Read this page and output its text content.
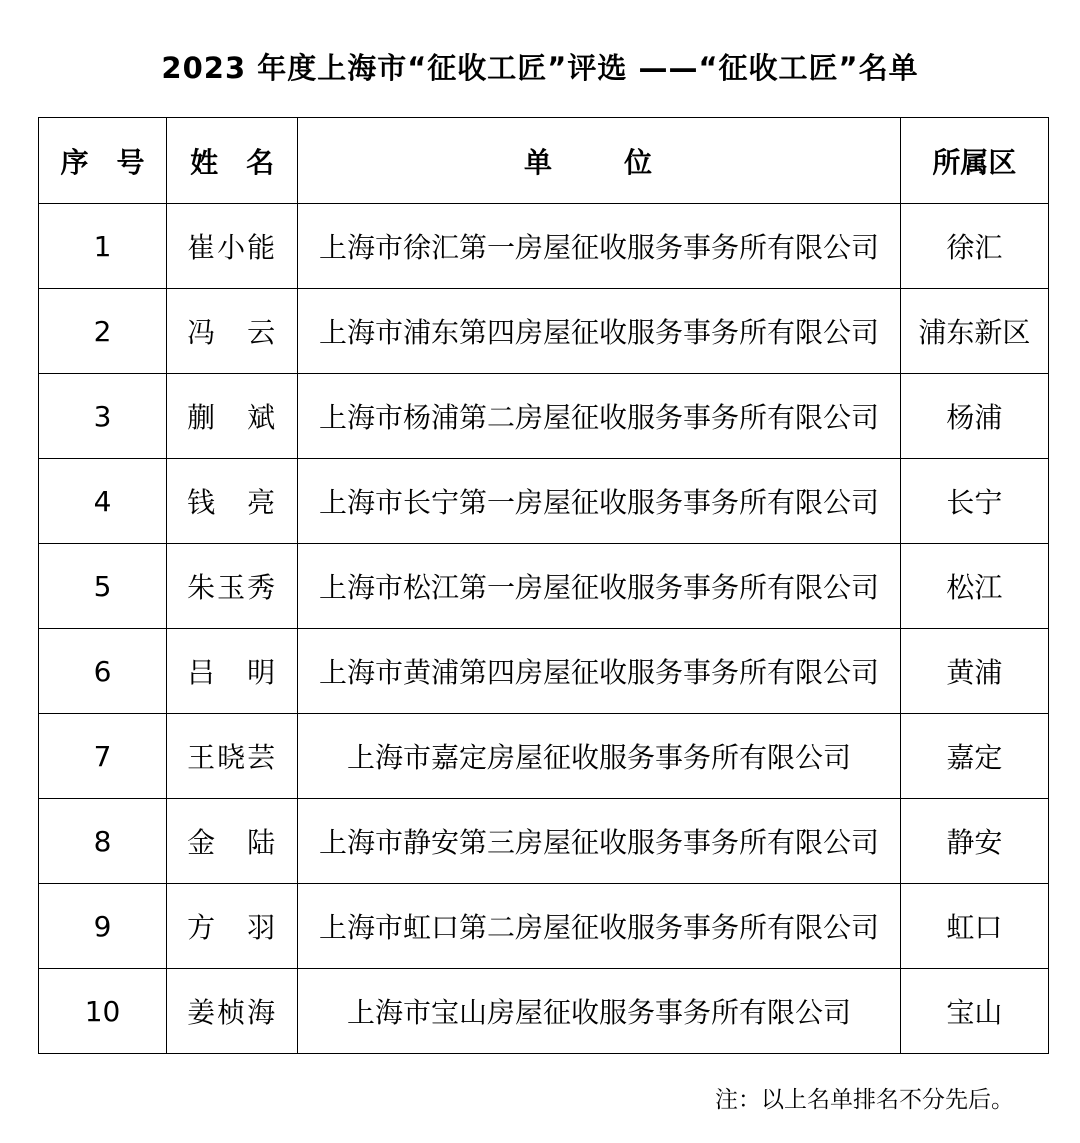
2023 年度上海市“征收工匠”评选 ——“征收工匠”名单
序　号	姓　名	单　位	所属区
1	崔小能	上海市徐汇第一房屋征收服务事务所有限公司	徐汇
2	冯　云	上海市浦东第四房屋征收服务事务所有限公司	浦东新区
3	蒯　斌	上海市杨浦第二房屋征收服务事务所有限公司	杨浦
4	钱　亮	上海市长宁第一房屋征收服务事务所有限公司	长宁
5	朱玉秀	上海市松江第一房屋征收服务事务所有限公司	松江
6	吕　明	上海市黄浦第四房屋征收服务事务所有限公司	黄浦
7	王晓芸	上海市嘉定房屋征收服务事务所有限公司	嘉定
8	金　陆	上海市静安第三房屋征收服务事务所有限公司	静安
9	方　羽	上海市虹口第二房屋征收服务事务所有限公司	虹口
10	姜桢海	上海市宝山房屋征收服务事务所有限公司	宝山
注：以上名单排名不分先后。
